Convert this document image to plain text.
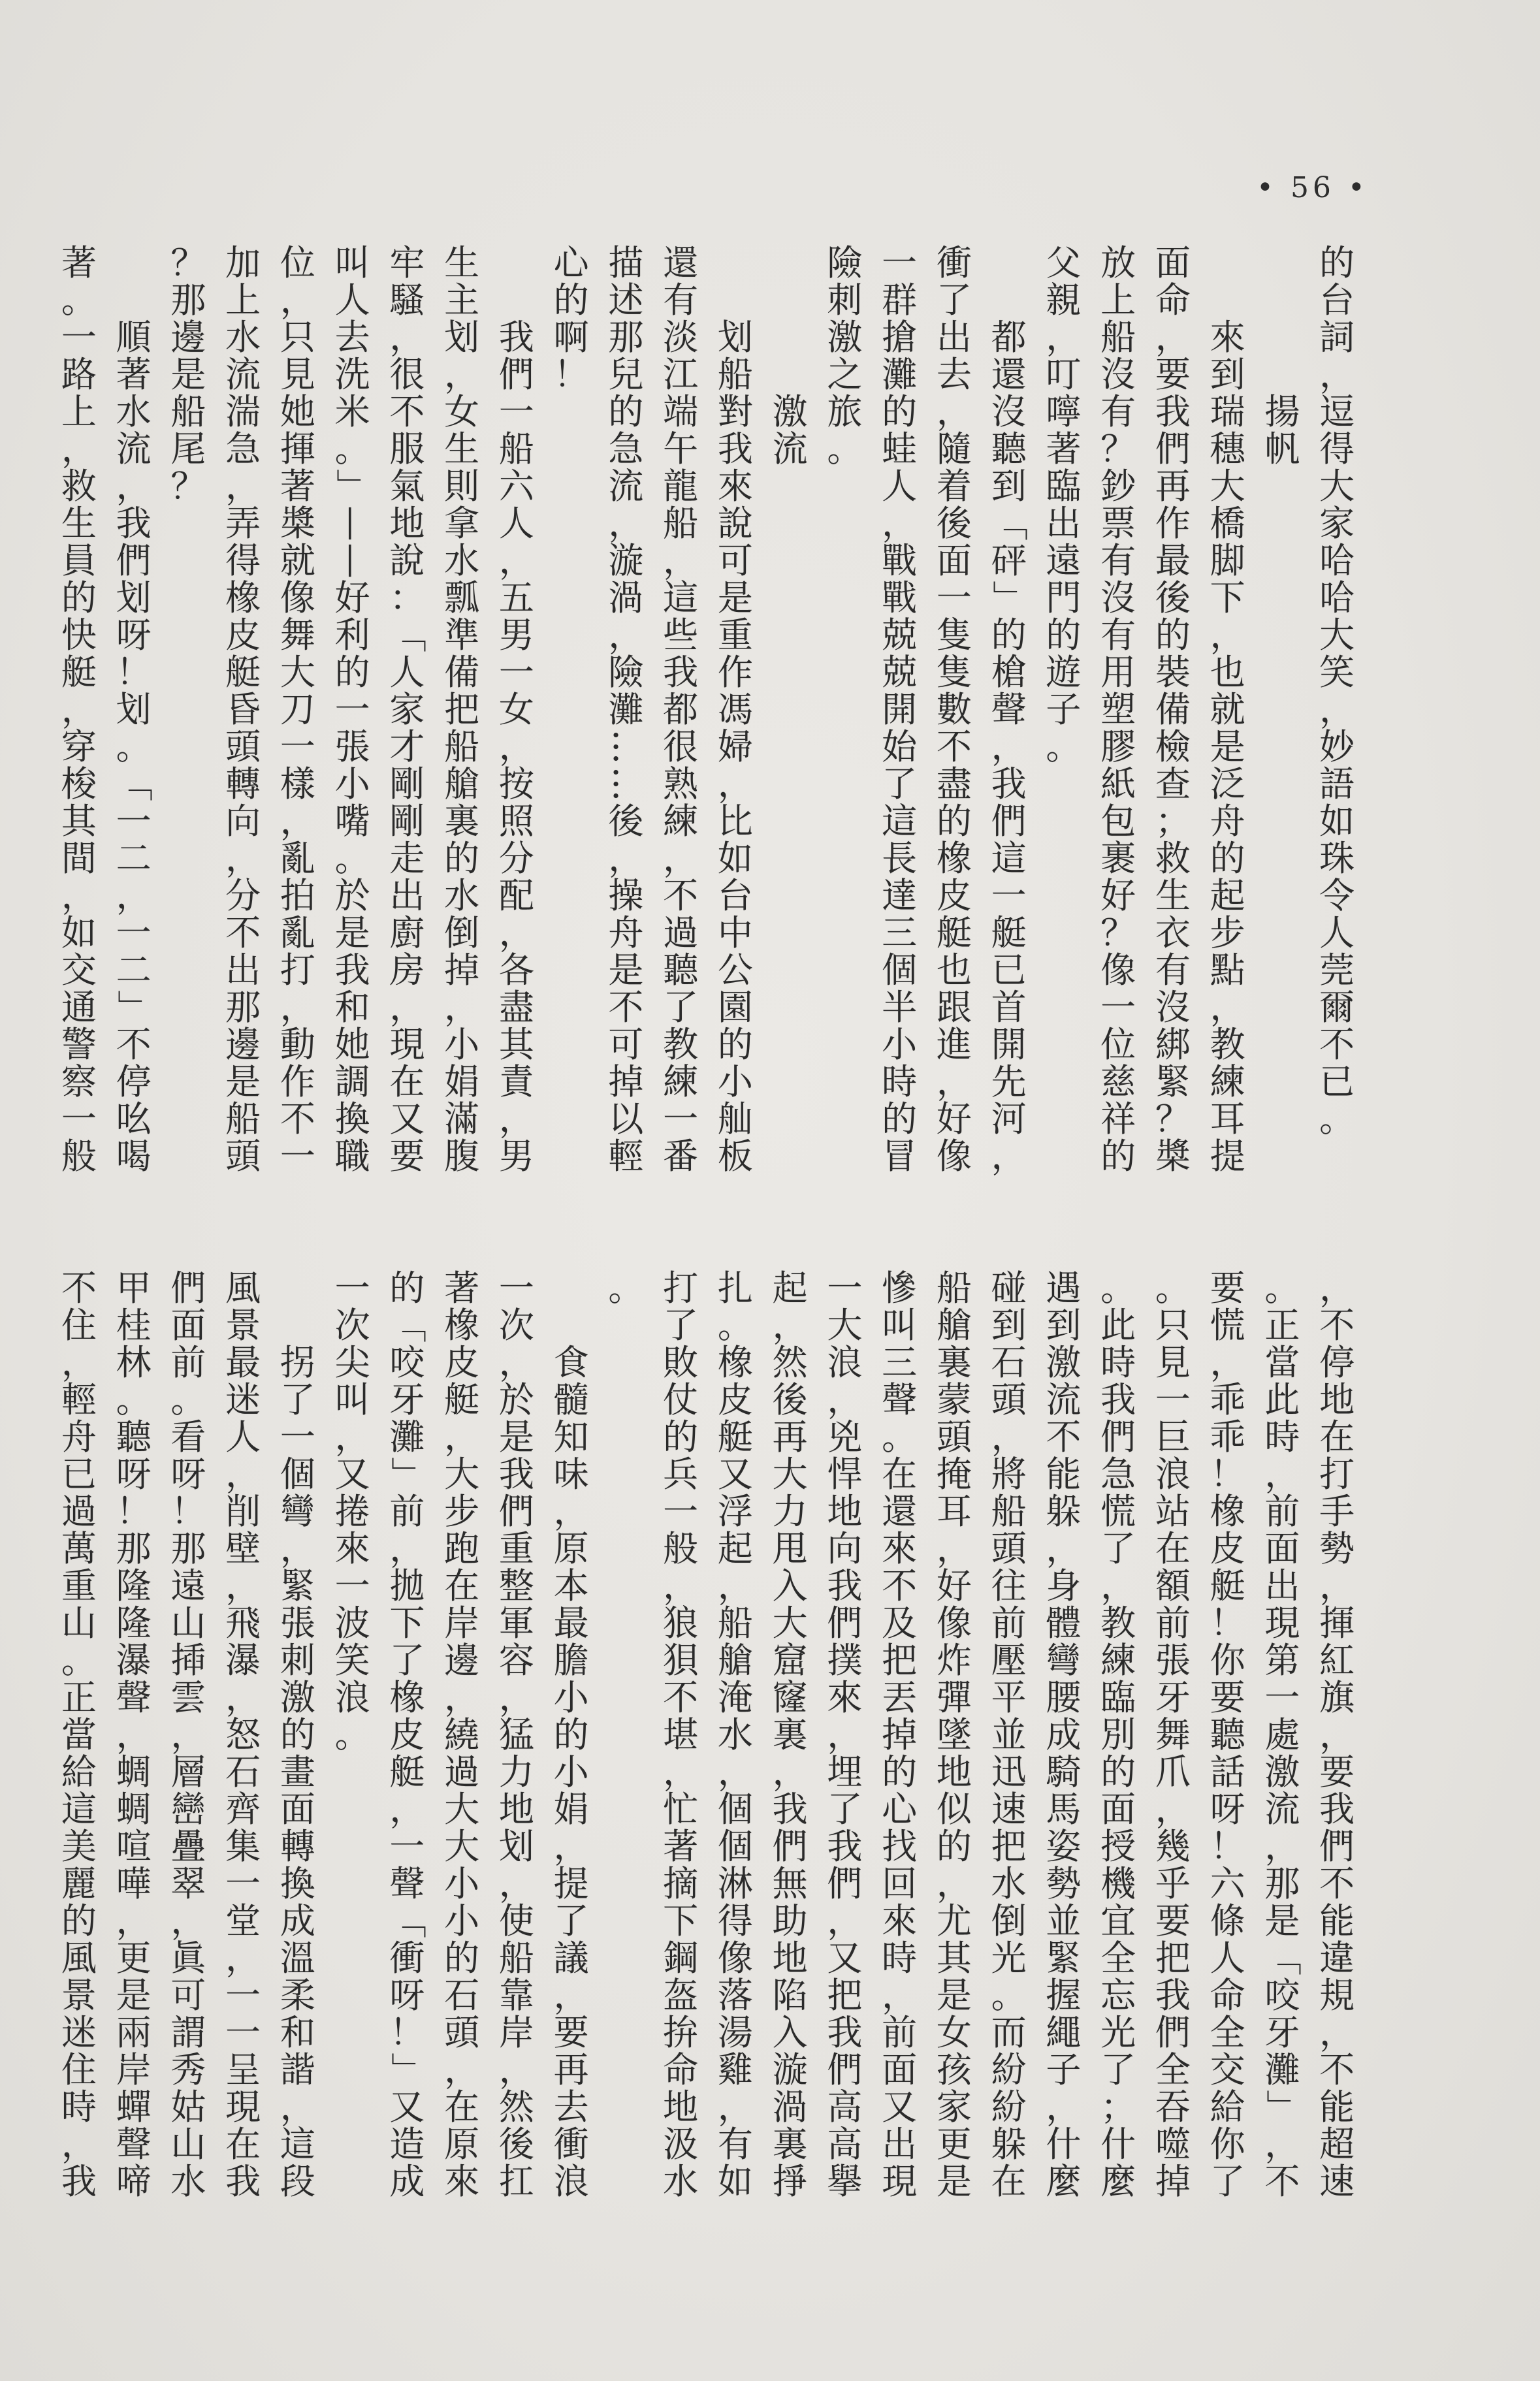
• 56 •
的
台
詞
，
逗
得
大
家
哈
哈
大
笑
，
妙
語
如
珠
令
人
莞
爾
不
已
。
揚
帆
來
到
瑞
穗
大
橋
脚
下
，
也
就
是
泛
舟
的
起
步
點
，
教
練
耳
提
面
命
，
要
我
們
再
作
最
後
的
裝
備
檢
查
；
救
生
衣
有
沒
綁
緊
？
槳
放
上
船
沒
有
？
鈔
票
有
沒
有
用
塑
膠
紙
包
裹
好
？
像
一
位
慈
祥
的
父
親
，
叮
嚀
著
臨
出
遠
門
的
遊
子
。
都
還
沒
聽
到
「
砰
」
的
槍
聲
，
我
們
這
一
艇
已
首
開
先
河
，
衝
了
出
去
，
隨
着
後
面
一
隻
隻
數
不
盡
的
橡
皮
艇
也
跟
進
，
好
像
一
群
搶
灘
的
蛙
人
，
戰
戰
兢
兢
開
始
了
這
長
達
三
個
半
小
時
的
冒
險
刺
激
之
旅
。
激
流
划
船
對
我
來
說
可
是
重
作
馮
婦
，
比
如
台
中
公
園
的
小
舢
板
還
有
淡
江
端
午
龍
船
，
這
些
我
都
很
熟
練
，
不
過
聽
了
教
練
一
番
描
述
那
兒
的
急
流
，
漩
渦
，
險
灘
…
…
後
，
操
舟
是
不
可
掉
以
輕
心
的
啊
！
我
們
一
船
六
人
，
五
男
一
女
，
按
照
分
配
，
各
盡
其
責
，
男
生
主
划
，
女
生
則
拿
水
瓢
準
備
把
船
艙
裏
的
水
倒
掉
，
小
娟
滿
腹
牢
騷
，
很
不
服
氣
地
說
：
「
人
家
才
剛
剛
走
出
廚
房
，
現
在
又
要
叫
人
去
洗
米
。
」
—
—
好
利
的
一
張
小
嘴
。
於
是
我
和
她
調
換
職
位
，
只
見
她
揮
著
槳
就
像
舞
大
刀
一
樣
，
亂
拍
亂
打
，
動
作
不
一
加
上
水
流
湍
急
，
弄
得
橡
皮
艇
昏
頭
轉
向
，
分
不
出
那
邊
是
船
頭
？
那
邊
是
船
尾
？
順
著
水
流
，
我
們
划
呀
！
划
。
「
一
二
，
一
二
」
不
停
吆
喝
著
。
一
路
上
，
救
生
員
的
快
艇
，
穿
梭
其
間
，
如
交
通
警
察
一
般
，
不
停
地
在
打
手
勢
，
揮
紅
旗
，
要
我
們
不
能
違
規
，
不
能
超
速
。
正
當
此
時
，
前
面
出
現
第
一
處
激
流
，
那
是
「
咬
牙
灘
」
，
不
要
慌
，
乖
乖
！
橡
皮
艇
！
你
要
聽
話
呀
！
六
條
人
命
全
交
給
你
了
。
只
見
一
巨
浪
站
在
額
前
張
牙
舞
爪
，
幾
乎
要
把
我
們
全
吞
噬
掉
。
此
時
我
們
急
慌
了
，
教
練
臨
別
的
面
授
機
宜
全
忘
光
了
；
什
麼
遇
到
激
流
不
能
躲
，
身
體
彎
腰
成
騎
馬
姿
勢
並
緊
握
繩
子
，
什
麼
碰
到
石
頭
，
將
船
頭
往
前
壓
平
並
迅
速
把
水
倒
光
。
而
紛
紛
躲
在
船
艙
裏
蒙
頭
掩
耳
，
好
像
炸
彈
墜
地
似
的
，
尤
其
是
女
孩
家
更
是
慘
叫
三
聲
。
在
還
來
不
及
把
丟
掉
的
心
找
回
來
時
，
前
面
又
出
現
一
大
浪
，
兇
悍
地
向
我
們
撲
來
，
埋
了
我
們
，
又
把
我
們
高
高
擧
起
，
然
後
再
大
力
甩
入
大
窟
窿
裏
，
我
們
無
助
地
陷
入
漩
渦
裏
掙
扎
。
橡
皮
艇
又
浮
起
，
船
艙
淹
水
，
個
個
淋
得
像
落
湯
雞
，
有
如
打
了
敗
仗
的
兵
一
般
，
狼
狽
不
堪
，
忙
著
摘
下
鋼
盔
拚
命
地
汲
水
。
食
髓
知
味
，
原
本
最
膽
小
的
小
娟
，
提
了
議
，
要
再
去
衝
浪
一
次
，
於
是
我
們
重
整
軍
容
，
猛
力
地
划
，
使
船
靠
岸
，
然
後
扛
著
橡
皮
艇
，
大
步
跑
在
岸
邊
，
繞
過
大
大
小
小
的
石
頭
，
在
原
來
的
「
咬
牙
灘
」
前
，
拋
下
了
橡
皮
艇
，
一
聲
「
衝
呀
！
」
又
造
成
一
次
尖
叫
，
又
捲
來
一
波
笑
浪
。
拐
了
一
個
彎
，
緊
張
刺
激
的
畫
面
轉
換
成
溫
柔
和
諧
，
這
段
風
景
最
迷
人
，
削
壁
，
飛
瀑
，
怒
石
齊
集
一
堂
，
一
一
呈
現
在
我
們
面
前
。
看
呀
！
那
遠
山
揷
雲
，
層
巒
疊
翠
，
眞
可
謂
秀
姑
山
水
甲
桂
林
。
聽
呀
！
那
隆
隆
瀑
聲
，
蜩
蜩
喧
嘩
，
更
是
兩
岸
蟬
聲
啼
不
住
，
輕
舟
已
過
萬
重
山
。
正
當
給
這
美
麗
的
風
景
迷
住
時
，
我
